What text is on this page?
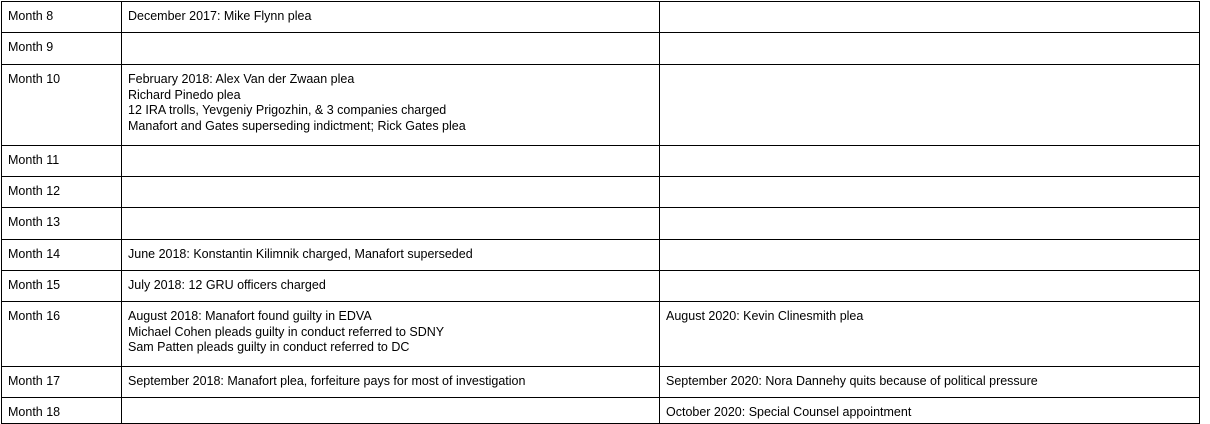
Month 8	December 2017: Mike Flynn plea	

Month 9		

Month 10	February 2018: Alex Van der Zwaan plea
Richard Pinedo plea
12 IRA trolls, Yevgeniy Prigozhin, & 3 companies charged
Manafort and Gates superseding indictment; Rick Gates plea	

Month 11		

Month 12		

Month 13		

Month 14	June 2018: Konstantin Kilimnik charged, Manafort superseded	

Month 15	July 2018: 12 GRU officers charged	

Month 16	August 2018: Manafort found guilty in EDVA
Michael Cohen pleads guilty in conduct referred to SDNY
Sam Patten pleads guilty in conduct referred to DC	August 2020: Kevin Clinesmith plea

Month 17	September 2018: Manafort plea, forfeiture pays for most of investigation	September 2020: Nora Dannehy quits because of political pressure

Month 18		October 2020: Special Counsel appointment
